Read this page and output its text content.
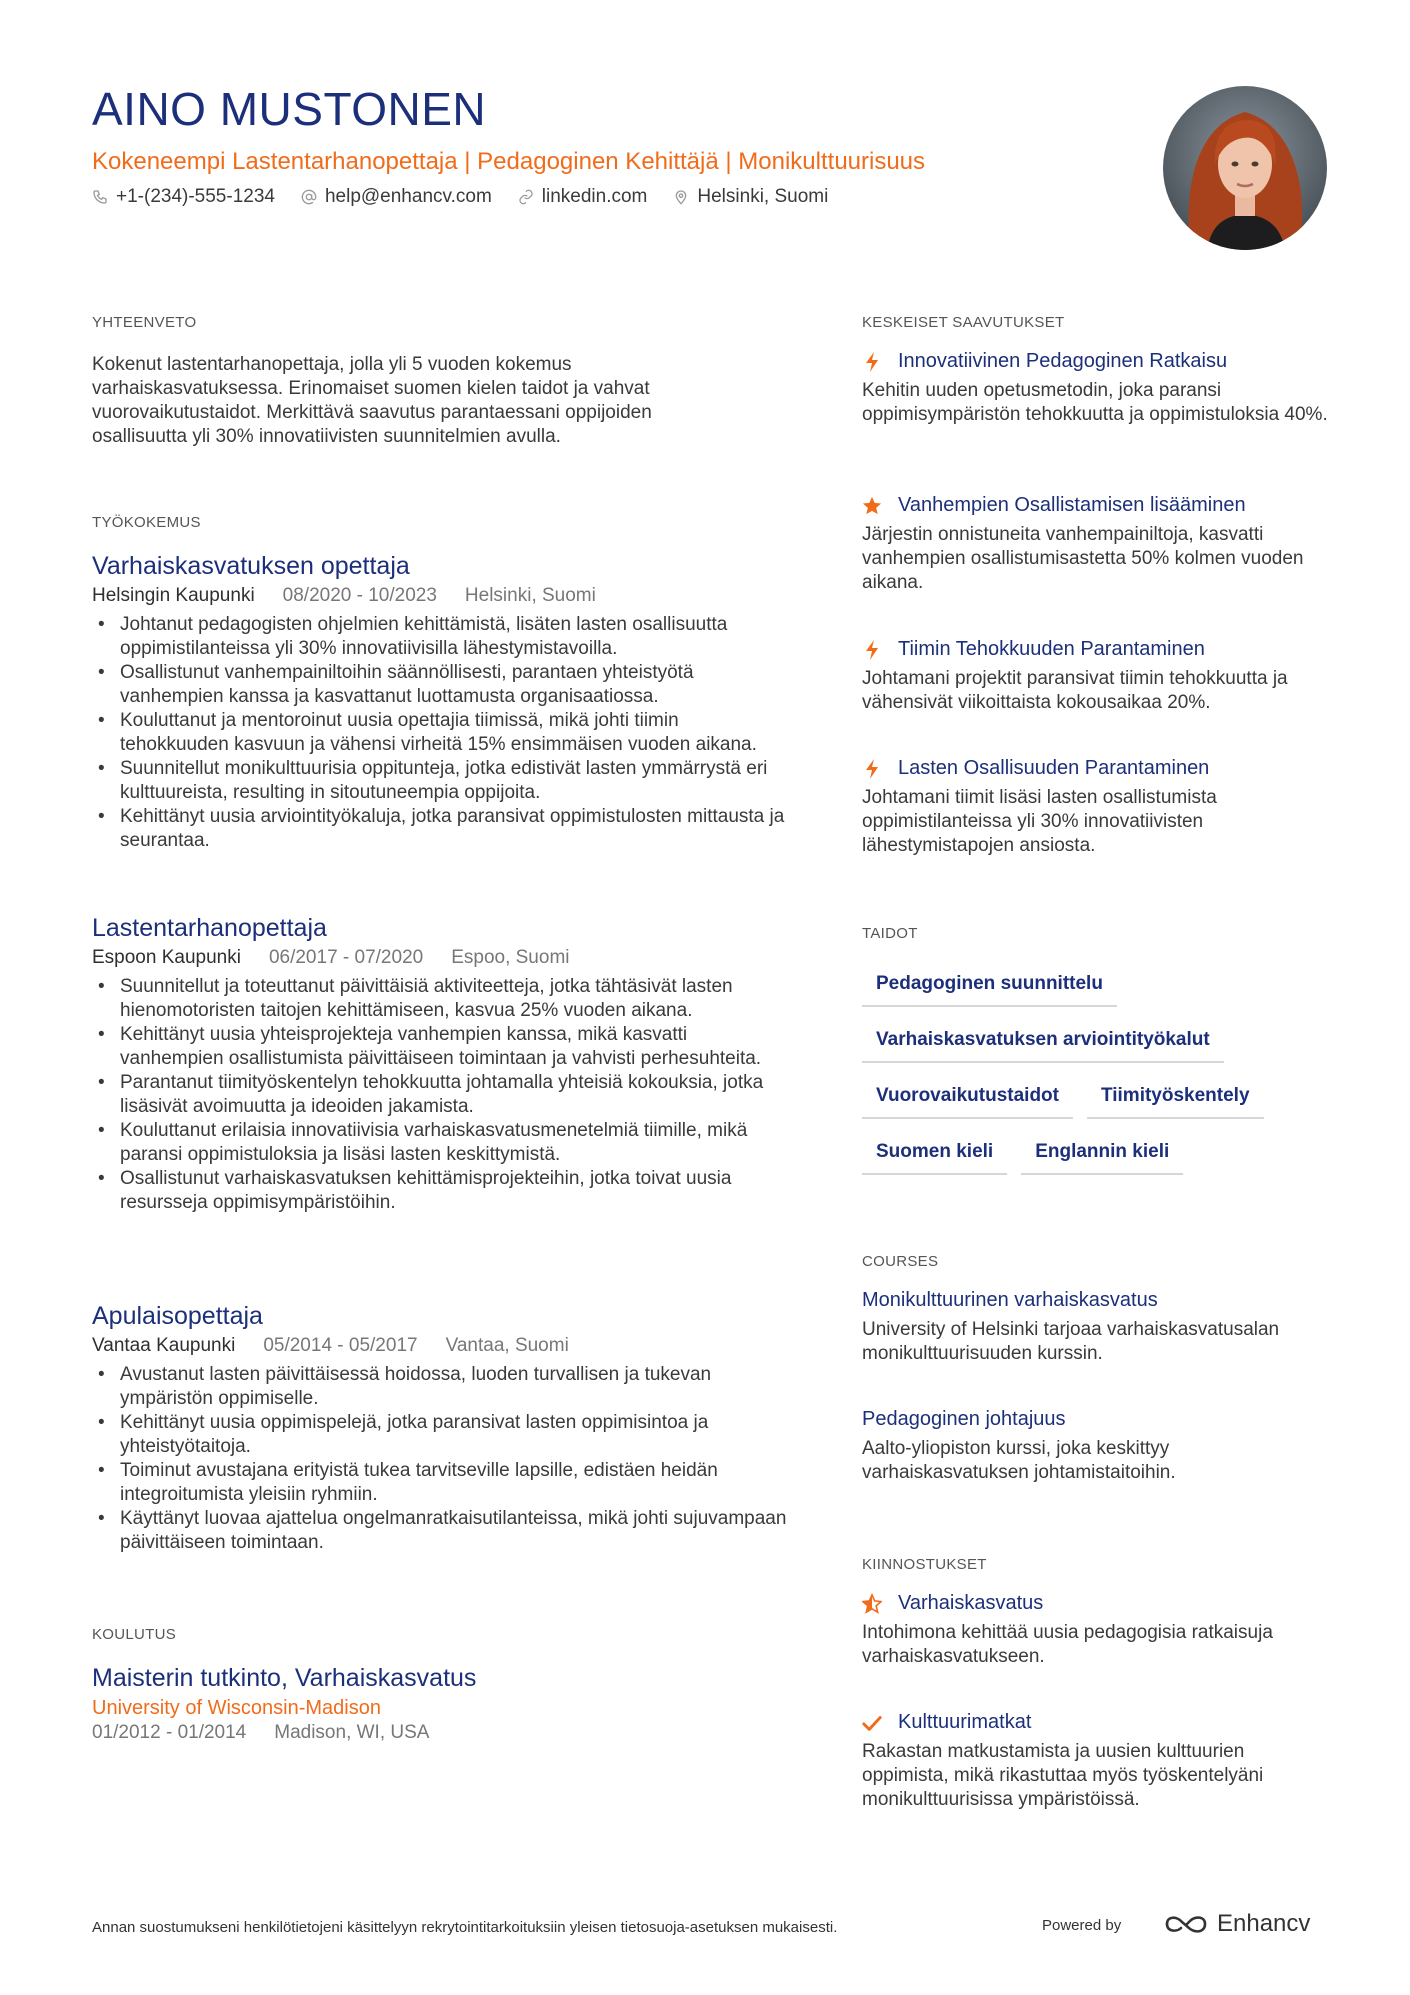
AINO MUSTONEN
Kokeneempi Lastentarhanopettaja | Pedagoginen Kehittäjä | Monikulttuurisuus
+1-(234)-555-1234	help@enhancv.com	linkedin.com	Helsinki, Suomi
YHTEENVETO
Kokenut lastentarhanopettaja, jolla yli 5 vuoden kokemus varhaiskasvatuksessa. Erinomaiset suomen kielen taidot ja vahvat vuorovaikutustaidot. Merkittävä saavutus parantaessani oppijoiden osallisuutta yli 30% innovatiivisten suunnitelmien avulla.
TYÖKOKEMUS
Varhaiskasvatuksen opettaja
Helsingin Kaupunki 08/2020 - 10/2023 Helsinki, Suomi
• Johtanut pedagogisten ohjelmien kehittämistä, lisäten lasten osallisuutta oppimistilanteissa yli 30% innovatiivisilla lähestymistavoilla.
• Osallistunut vanhempainiltoihin säännöllisesti, parantaen yhteistyötä vanhempien kanssa ja kasvattanut luottamusta organisaatiossa.
• Kouluttanut ja mentoroinut uusia opettajia tiimissä, mikä johti tiimin tehokkuuden kasvuun ja vähensi virheitä 15% ensimmäisen vuoden aikana.
• Suunnitellut monikulttuurisia oppitunteja, jotka edistivät lasten ymmärrystä eri kulttuureista, resulting in sitoutuneempia oppijoita.
• Kehittänyt uusia arviointityökaluja, jotka paransivat oppimistulosten mittausta ja seurantaa.
Lastentarhanopettaja
Espoon Kaupunki 06/2017 - 07/2020 Espoo, Suomi
• Suunnitellut ja toteuttanut päivittäisiä aktiviteetteja, jotka tähtäsivät lasten hienomotoristen taitojen kehittämiseen, kasvua 25% vuoden aikana.
• Kehittänyt uusia yhteisprojekteja vanhempien kanssa, mikä kasvatti vanhempien osallistumista päivittäiseen toimintaan ja vahvisti perhesuhteita.
• Parantanut tiimityöskentelyn tehokkuutta johtamalla yhteisiä kokouksia, jotka lisäsivät avoimuutta ja ideoiden jakamista.
• Kouluttanut erilaisia innovatiivisia varhaiskasvatusmenetelmiä tiimille, mikä paransi oppimistuloksia ja lisäsi lasten keskittymistä.
• Osallistunut varhaiskasvatuksen kehittämisprojekteihin, jotka toivat uusia resursseja oppimisympäristöihin.
Apulaisopettaja
Vantaa Kaupunki 05/2014 - 05/2017 Vantaa, Suomi
• Avustanut lasten päivittäisessä hoidossa, luoden turvallisen ja tukevan ympäristön oppimiselle.
• Kehittänyt uusia oppimispelejä, jotka paransivat lasten oppimisintoa ja yhteistyötaitoja.
• Toiminut avustajana erityistä tukea tarvitseville lapsille, edistäen heidän integroitumista yleisiin ryhmiin.
• Käyttänyt luovaa ajattelua ongelmanratkaisutilanteissa, mikä johti sujuvampaan päivittäiseen toimintaan.
KOULUTUS
Maisterin tutkinto, Varhaiskasvatus
University of Wisconsin-Madison
01/2012 - 01/2014 Madison, WI, USA
KESKEISET SAAVUTUKSET
Innovatiivinen Pedagoginen Ratkaisu
Kehitin uuden opetusmetodin, joka paransi oppimisympäristön tehokkuutta ja oppimistuloksia 40%.
Vanhempien Osallistamisen lisääminen
Järjestin onnistuneita vanhempainiltoja, kasvatti vanhempien osallistumisastetta 50% kolmen vuoden aikana.
Tiimin Tehokkuuden Parantaminen
Johtamani projektit paransivat tiimin tehokkuutta ja vähensivät viikoittaista kokousaikaa 20%.
Lasten Osallisuuden Parantaminen
Johtamani tiimit lisäsi lasten osallistumista oppimistilanteissa yli 30% innovatiivisten lähestymistapojen ansiosta.
TAIDOT
Pedagoginen suunnittelu
Varhaiskasvatuksen arviointityökalut
Vuorovaikutustaidot Tiimityöskentely
Suomen kieli Englannin kieli
COURSES
Monikulttuurinen varhaiskasvatus
University of Helsinki tarjoaa varhaiskasvatusalan monikulttuurisuuden kurssin.
Pedagoginen johtajuus
Aalto-yliopiston kurssi, joka keskittyy varhaiskasvatuksen johtamistaitoihin.
KIINNOSTUKSET
Varhaiskasvatus
Intohimona kehittää uusia pedagogisia ratkaisuja varhaiskasvatukseen.
Kulttuurimatkat
Rakastan matkustamista ja uusien kulttuurien oppimista, mikä rikastuttaa myös työskentelyäni monikulttuurisissa ympäristöissä.
Annan suostumukseni henkilötietojeni käsittelyyn rekrytointitarkoituksiin yleisen tietosuoja-asetuksen mukaisesti.	Powered by	Enhancv
